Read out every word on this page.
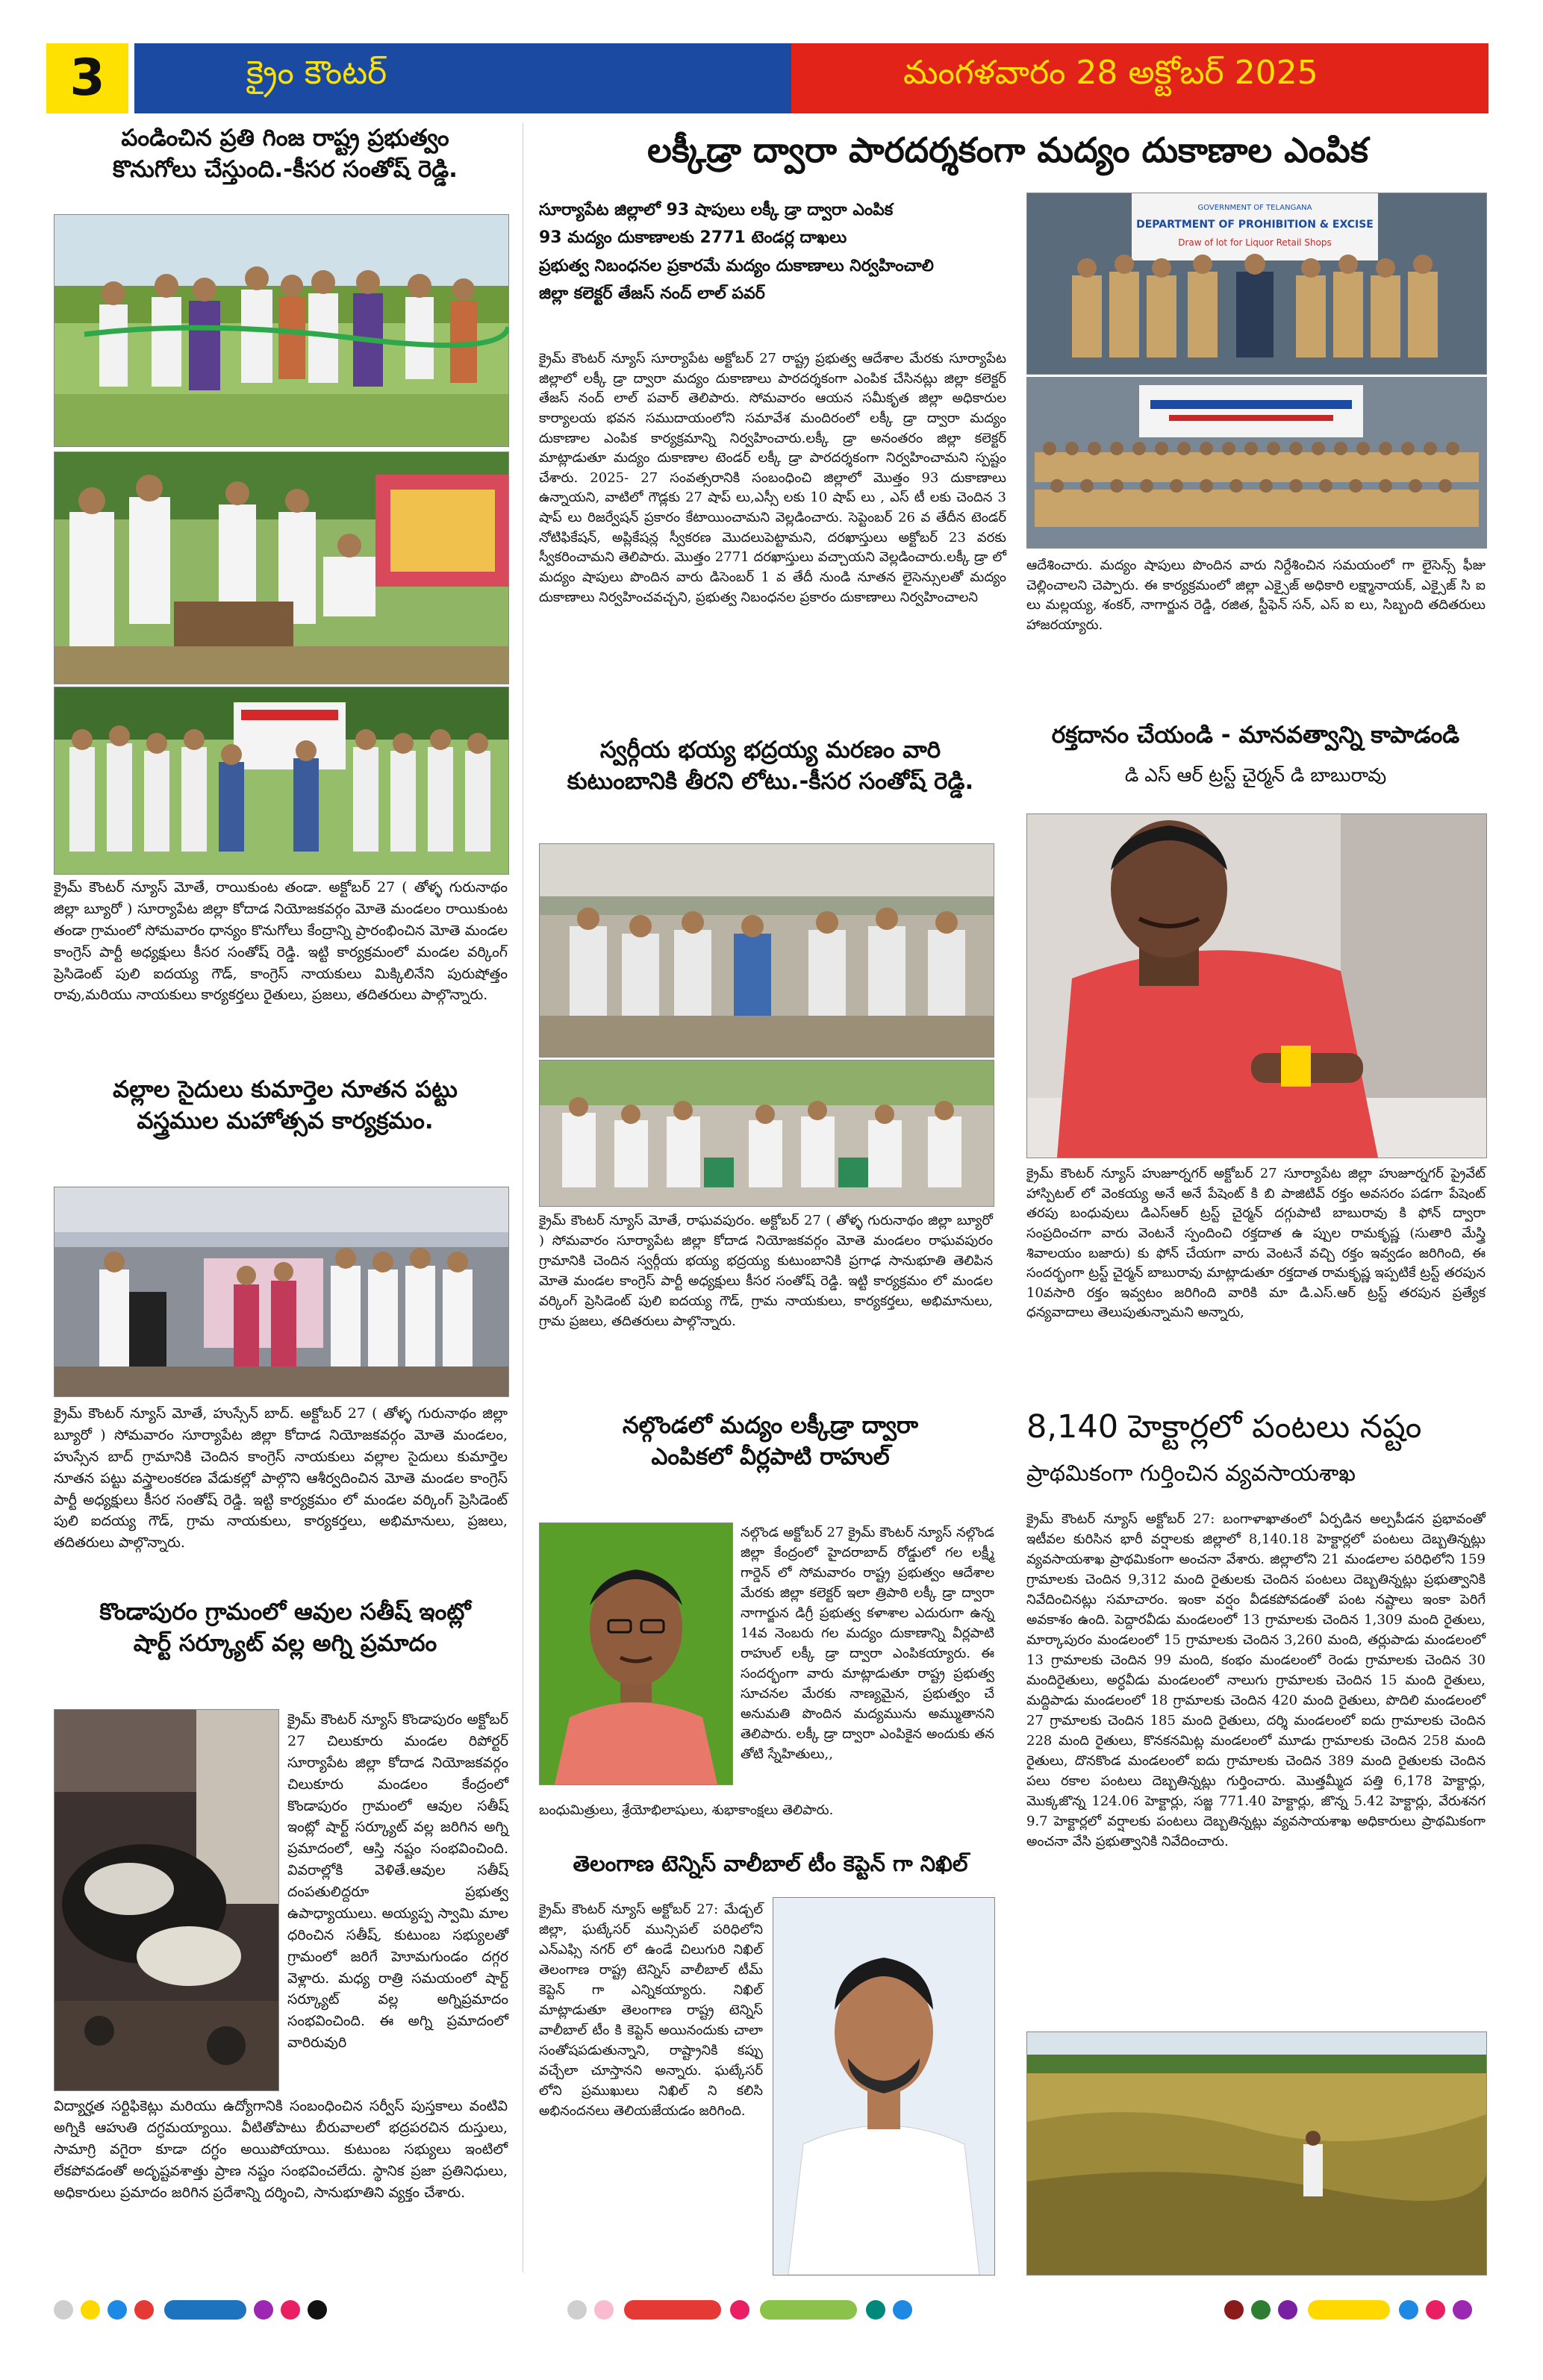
3	క్రైం కౌంటర్	మంగళవారం 28 అక్టోబర్ 2025
పండించిన ప్రతి గింజ రాష్ట్ర ప్రభుత్వం
కొనుగోలు చేస్తుంది.-కీసర సంతోష్ రెడ్డి.

క్రైమ్ కౌంటర్ న్యూస్ మోతే, రాయికుంట తండా. అక్టోబర్ 27 ( తోళ్ళ గురునాథం జిల్లా బ్యూరో ) సూర్యాపేట జిల్లా కోదాడ నియోజకవర్గం మోతె మండలం రాయికుంట తండా గ్రామంలో సోమవారం ధాన్యం కొనుగోలు కేంద్రాన్ని ప్రారంభించిన మోతె మండల కాంగ్రెస్ పార్టీ అధ్యక్షులు కీసర సంతోష్ రెడ్డి. ఇట్టి కార్యక్రమంలో మండల వర్కింగ్ ప్రెసిడెంట్ పులి ఐదయ్య గౌడ్, కాంగ్రెస్ నాయకులు మిక్కిలినేని పురుషోత్తం రావు,మరియు నాయకులు కార్యకర్తలు రైతులు, ప్రజలు, తదితరులు పాల్గొన్నారు.

వల్లాల సైదులు కుమార్తెల నూతన పట్టు
వస్త్రముల మహోత్సవ కార్యక్రమం.

క్రైమ్ కౌంటర్ న్యూస్ మోతే, హుస్సేన్ బాద్. అక్టోబర్ 27 ( తోళ్ళ గురునాథం జిల్లా బ్యూరో ) సోమవారం సూర్యాపేట జిల్లా కోదాడ నియోజకవర్గం మోతె మండలం, హుస్సేన బాద్ గ్రామానికి చెందిన కాంగ్రెస్ నాయకులు వల్లాల సైదులు కుమార్తెల నూతన పట్టు వస్త్రాలంకరణ వేడుకల్లో పాల్గొని ఆశీర్వదించిన మోతె మండల కాంగ్రెస్ పార్టీ అధ్యక్షులు కీసర సంతోష్ రెడ్డి. ఇట్టి కార్యక్రమం లో మండల వర్కింగ్ ప్రెసిడెంట్ పులి ఐదయ్య గౌడ్, గ్రామ నాయకులు, కార్యకర్తలు, అభిమానులు, ప్రజలు, తదితరులు పాల్గొన్నారు.

కొండాపురం గ్రామంలో ఆవుల సతీష్ ఇంట్లో
షార్ట్ సర్క్యూట్ వల్ల అగ్ని ప్రమాదం

క్రైమ్ కౌంటర్ న్యూస్ కొండాపురం అక్టోబర్ 27 చిలుకూరు మండల రిపోర్టర్ సూర్యాపేట జిల్లా కోదాడ నియోజకవర్గం చిలుకూరు మండలం కేంద్రంలో కొండాపురం గ్రామంలో ఆవుల సతీష్ ఇంట్లో షార్ట్ సర్క్యూట్ వల్ల జరిగిన అగ్ని ప్రమాదంలో, ఆస్తి నష్టం సంభవించింది. వివరాల్లోకి వెళితే.ఆవుల సతీష్ దంపతులిద్దరూ ప్రభుత్వ ఉపాధ్యాయులు. అయ్యప్ప స్వామి మాల ధరించిన సతీష్, కుటుంబ సభ్యులతో గ్రామంలో జరిగే హెూమగుండం దగ్గర వెళ్లారు. మధ్య రాత్రి సమయంలో షార్ట్ సర్క్యూట్ వల్ల అగ్నిప్రమాదం సంభవించింది. ఈ అగ్ని ప్రమాదంలో వారిరువురి

విద్యార్హత సర్టిఫికెట్లు మరియు ఉద్యోగానికి సంబంధించిన సర్వీస్ పుస్తకాలు వంటివి అగ్నికి ఆహుతి దగ్ధమయ్యాయి. వీటితోపాటు బీరువాలలో భద్రపరచిన దుస్తులు, సామాగ్రి వగైరా కూడా దగ్ధం అయిపోయాయి. కుటుంబ సభ్యులు ఇంటిలో లేకపోవడంతో అదృష్టవశాత్తు ప్రాణ నష్టం సంభవించలేదు. స్థానిక ప్రజా ప్రతినిధులు, అధికారులు ప్రమాదం జరిగిన ప్రదేశాన్ని దర్శించి, సానుభూతిని వ్యక్తం చేశారు.

లక్కీడ్రా ద్వారా పారదర్శకంగా మద్యం దుకాణాల ఎంపిక
సూర్యాపేట జిల్లాలో 93 షాపులు లక్కీ డ్రా ద్వారా ఎంపిక
93 మద్యం దుకాణాలకు 2771 టెండర్ల దాఖలు
ప్రభుత్వ నిబంధనల ప్రకారమే మద్యం దుకాణాలు నిర్వహించాలి
జిల్లా కలెక్టర్ తేజస్ నంద్ లాల్ పవర్

క్రైమ్ కౌంటర్ న్యూస్ సూర్యాపేట అక్టోబర్ 27 రాష్ట్ర ప్రభుత్వ ఆదేశాల మేరకు సూర్యాపేట జిల్లాలో లక్కీ డ్రా ద్వారా మద్యం దుకాణాలు పారదర్శకంగా ఎంపిక చేసినట్లు జిల్లా కలెక్టర్ తేజస్ నంద్ లాల్ పవార్ తెలిపారు. సోమవారం ఆయన సమీకృత జిల్లా అధికారుల కార్యాలయ భవన సముదాయంలోని సమావేశ మందిరంలో లక్కీ డ్రా ద్వారా మద్యం దుకాణాల ఎంపిక కార్యక్రమాన్ని నిర్వహించారు.లక్కీ డ్రా అనంతరం జిల్లా కలెక్టర్ మాట్లాడుతూ మద్యం దుకాణాల టెండర్ లక్కీ డ్రా పారదర్శకంగా నిర్వహించామని స్పష్టం చేశారు. 2025- 27 సంవత్సరానికి సంబంధించి జిల్లాలో మొత్తం 93 దుకాణాలు ఉన్నాయని, వాటిలో గౌడ్లకు 27 షాప్ లు,ఎస్సీ లకు 10 షాప్ లు , ఎస్ టీ లకు చెందిన 3 షాప్ లు రిజర్వేషన్ ప్రకారం కేటాయించామని వెల్లడించారు. సెప్టెంబర్ 26 వ తేదీన టెండర్ నోటిఫికేషన్, అప్లికేషన్ల స్వీకరణ మొదలుపెట్టామని, దరఖాస్తులు అక్టోబర్ 23 వరకు స్వీకరించామని తెలిపారు. మొత్తం 2771 దరఖాస్తులు వచ్చాయని వెల్లడించారు.లక్కీ డ్రా లో మద్యం షాపులు పొందిన వారు డిసెంబర్ 1 వ తేదీ నుండి నూతన లైసెన్సులతో మద్యం దుకాణాలు నిర్వహించవచ్చని, ప్రభుత్వ నిబంధనల ప్రకారం దుకాణాలు నిర్వహించాలని

GOVERNMENT OF TELANGANA
DEPARTMENT OF PROHIBITION & EXCISE
Draw of lot for Liquor Retail Shops

ఆదేశించారు. మద్యం షాపులు పొందిన వారు నిర్దేశించిన సమయంలో గా లైసెన్స్ ఫీజు చెల్లించాలని చెప్పారు. ఈ కార్యక్రమంలో జిల్లా ఎక్సైజ్ అధికారి లక్ష్మానాయక్, ఎక్సైజ్ సి ఐ లు మల్లయ్య, శంకర్, నాగార్జున రెడ్డి, రజిత, స్టీఫెన్ సన్, ఎస్ ఐ లు, సిబ్బంది తదితరులు హాజరయ్యారు.

స్వర్గీయ భయ్య భద్రయ్య మరణం వారి
కుటుంబానికి తీరని లోటు.-కీసర సంతోష్ రెడ్డి.

క్రైమ్ కౌంటర్ న్యూస్ మోతే, రాఘవపురం. అక్టోబర్ 27 ( తోళ్ళ గురునాథం జిల్లా బ్యూరో ) సోమవారం సూర్యాపేట జిల్లా కోదాడ నియోజకవర్గం మోతె మండలం రాఘవపురం గ్రామానికి చెందిన స్వర్గీయ భయ్య భద్రయ్య కుటుంబానికి ప్రగాఢ సానుభూతి తెలిపిన మోతె మండల కాంగ్రెస్ పార్టీ అధ్యక్షులు కీసర సంతోష్ రెడ్డి. ఇట్టి కార్యక్రమం లో మండల వర్కింగ్ ప్రెసిడెంట్ పులి ఐదయ్య గౌడ్, గ్రామ నాయకులు, కార్యకర్తలు, అభిమానులు, గ్రామ ప్రజలు, తదితరులు పాల్గొన్నారు.

నల్గొండలో మద్యం లక్కీడ్రా ద్వారా
ఎంపికలో వీర్లపాటి రాహుల్

నల్గొండ అక్టోబర్ 27 క్రైమ్ కౌంటర్ న్యూస్ నల్గొండ జిల్లా కేంద్రంలో హైదరాబాద్ రోడ్డులో గల లక్ష్మీ గార్డెన్ లో సోమవారం రాష్ట్ర ప్రభుత్వం ఆదేశాల మేరకు జిల్లా కలెక్టర్ ఇలా త్రిపాఠి లక్కీ డ్రా ద్వారా నాగార్జున డిగ్రీ ప్రభుత్వ కళాశాల ఎదురుగా ఉన్న 14వ నెంబరు గల మద్యం దుకాణాన్ని వీర్లపాటి రాహుల్ లక్కీ డ్రా ద్వారా ఎంపికయ్యారు. ఈ సందర్భంగా వారు మాట్లాడుతూ రాష్ట్ర ప్రభుత్వ సూచనల మేరకు నాణ్యమైన, ప్రభుత్వం చే అనుమతి పొందిన మద్యమును అమ్ముతానని తెలిపారు. లక్కీ డ్రా ద్వారా ఎంపికైన అందుకు తన తోటి స్నేహితులు,,

బంధుమిత్రులు, శ్రేయోభిలాషులు, శుభాకాంక్షలు తెలిపారు.

తెలంగాణ టెన్నిస్ వాలీబాల్ టీం కెప్టెన్ గా నిఖిల్

క్రైమ్ కౌంటర్ న్యూస్ అక్టోబర్ 27: మేడ్చల్ జిల్లా, ఘట్కేసర్ మున్సిపల్ పరిధిలోని ఎన్ఎఫ్సి నగర్ లో ఉండే చిలుగురి నిఖిల్ తెలంగాణ రాష్ట్ర టెన్నిస్ వాలీబాల్ టీమ్ కెప్టెన్ గా ఎన్నికయ్యారు. నిఖిల్ మాట్లాడుతూ తెలంగాణ రాష్ట్ర టెన్నిస్ వాలీబాల్ టీం కి కెప్టెన్ అయినందుకు చాలా సంతోషపడుతున్నాని, రాష్ట్రానికి కప్పు వచ్చేలా చూస్తానని అన్నారు. ఘట్కేసర్ లోని ప్రముఖులు నిఖిల్ ని కలిసి అభినందనలు తెలియజేయడం జరిగింది.

రక్తదానం చేయండి - మానవత్వాన్ని కాపాడండి
డి ఎస్ ఆర్ ట్రస్ట్ చైర్మన్ డి బాబురావు

క్రైమ్ కౌంటర్ న్యూస్ హుజూర్నగర్ అక్టోబర్ 27 సూర్యాపేట జిల్లా హుజూర్నగర్ ప్రైవేట్ హాస్పిటల్ లో వెంకయ్య అనే అనే పేషెంట్ కి బి పాజిటివ్ రక్తం అవసరం పడగా పేషెంట్ తరపు బంధువులు డిఎస్ఆర్ ట్రస్ట్ చైర్మన్ దగ్గుపాటి బాబురావు కి ఫోన్ ద్వారా సంప్రదించగా వారు వెంటనే స్పందించి రక్తదాత ఉ ప్పుల రామకృష్ణ (సుతారి మేస్త్రి శివాలయం బజారు) కు ఫోన్ చేయగా వారు వెంటనే వచ్చి రక్తం ఇవ్వడం జరిగింది, ఈ సందర్భంగా ట్రస్ట్ చైర్మన్ బాబురావు మాట్లాడుతూ రక్తదాత రామకృష్ణ ఇప్పటికే ట్రస్ట్ తరపున 10వసారి రక్తం ఇవ్వటం జరిగింది వారికి మా డి.ఎస్.ఆర్ ట్రస్ట్ తరపున ప్రత్యేక ధన్యవాదాలు తెలుపుతున్నామని అన్నారు,

8,140 హెక్టార్లలో పంటలు నష్టం
ప్రాథమికంగా గుర్తించిన వ్యవసాయశాఖ

క్రైమ్ కౌంటర్ న్యూస్ అక్టోబర్ 27: బంగాళాఖాతంలో ఏర్పడిన అల్పపీడన ప్రభావంతో ఇటీవల కురిసిన భారీ వర్షాలకు జిల్లాలో 8,140.18 హెక్టార్లలో పంటలు దెబ్బతిన్నట్లు వ్యవసాయశాఖ ప్రాథమికంగా అంచనా వేశారు. జిల్లాలోని 21 మండలాల పరిధిలోని 159 గ్రామాలకు చెందిన 9,312 మంది రైతులకు చెందిన పంటలు దెబ్బతిన్నట్లు ప్రభుత్వానికి నివేదించినట్లు సమాచారం. ఇంకా వర్షం వీడకపోవడంతో పంట నష్టాలు ఇంకా పెరిగే అవకాశం ఉంది. పెద్దారవీడు మండలంలో 13 గ్రామాలకు చెందిన 1,309 మంది రైతులు, మార్కాపురం మండలంలో 15 గ్రామాలకు చెందిన 3,260 మంది, తర్లుపాడు మండలంలో 13 గ్రామాలకు చెందిన 99 మంది, కంభం మండలంలో రెండు గ్రామాలకు చెందిన 30 మందిరైతులు, అర్ధవీడు మండలంలో నాలుగు గ్రామాలకు చెందిన 15 మంది రైతులు, మద్దిపాడు మండలంలో 18 గ్రామాలకు చెందిన 420 మంది రైతులు, పొదిలి మండలంలో 27 గ్రామాలకు చెందిన 185 మంది రైతులు, దర్శి మండలంలో ఐదు గ్రామాలకు చెందిన 228 మంది రైతులు, కొనకనమిట్ల మండలంలో మూడు గ్రామాలకు చెందిన 258 మంది రైతులు, దొనకొండ మండలంలో ఐదు గ్రామాలకు చెందిన 389 మంది రైతులకు చెందిన పలు రకాల పంటలు దెబ్బతిన్నట్లు గుర్తించారు. మొత్తమ్మీద పత్తి 6,178 హెక్టార్లు, మొక్కజొన్న 124.06 హెక్టార్లు, సజ్జ 771.40 హెక్టార్లు, జొన్న 5.42 హెక్టార్లు, వేరుశనగ 9.7 హెక్టార్లలో వర్షాలకు పంటలు దెబ్బతిన్నట్లు వ్యవసాయశాఖ అధికారులు ప్రాథమికంగా అంచనా వేసి ప్రభుత్వానికి నివేదించారు.
